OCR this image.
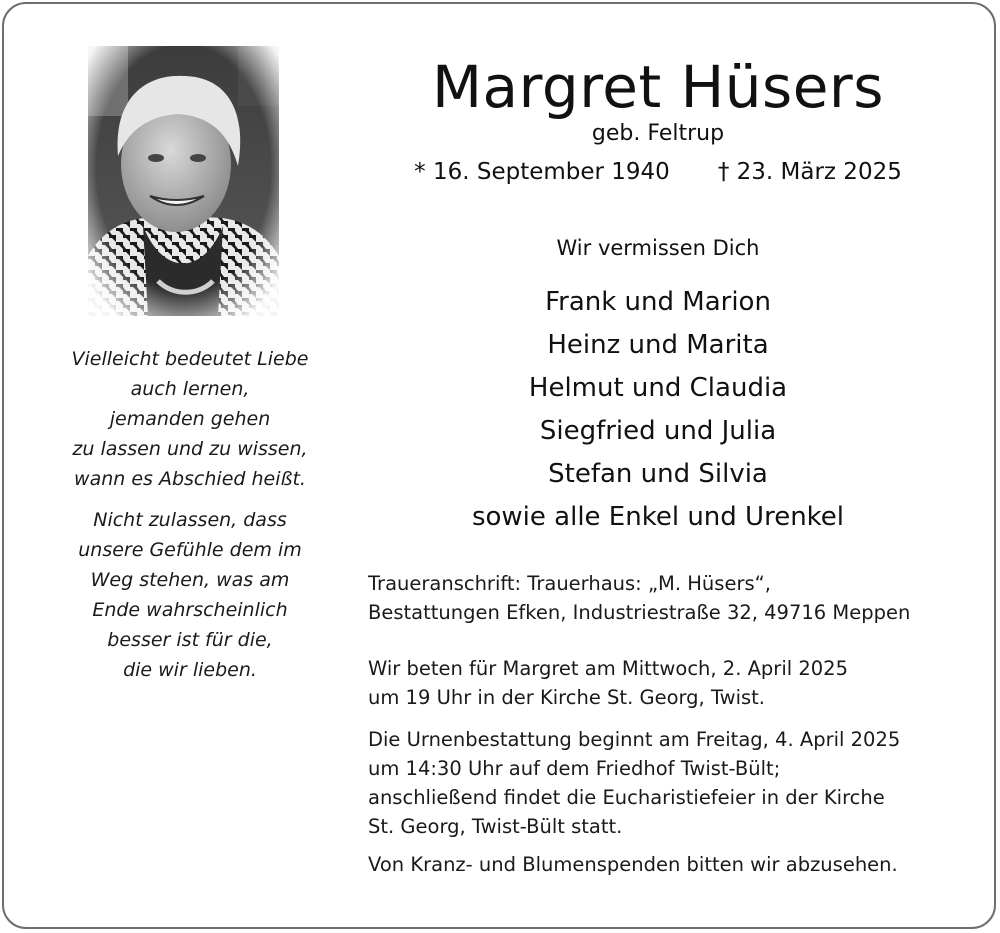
Vielleicht bedeutet Liebe
auch lernen,
jemanden gehen
zu lassen und zu wissen,
wann es Abschied heißt.
Nicht zulassen, dass
unsere Gefühle dem im
Weg stehen, was am
Ende wahrscheinlich
besser ist für die,
die wir lieben.
Margret Hüsers
geb. Feltrup
* 16. September 1940 † 23. März 2025
Wir vermissen Dich
Frank und Marion
Heinz und Marita
Helmut und Claudia
Siegfried und Julia
Stefan und Silvia
sowie alle Enkel und Urenkel
Traueranschrift: Trauerhaus: „M. Hüsers“,
Bestattungen Efken, Industriestraße 32, 49716 Meppen
Wir beten für Margret am Mittwoch, 2. April 2025
um 19 Uhr in der Kirche St. Georg, Twist.
Die Urnenbestattung beginnt am Freitag, 4. April 2025
um 14:30 Uhr auf dem Friedhof Twist-Bült;
anschließend findet die Eucharistiefeier in der Kirche
St. Georg, Twist-Bült statt.
Von Kranz- und Blumenspenden bitten wir abzusehen.
